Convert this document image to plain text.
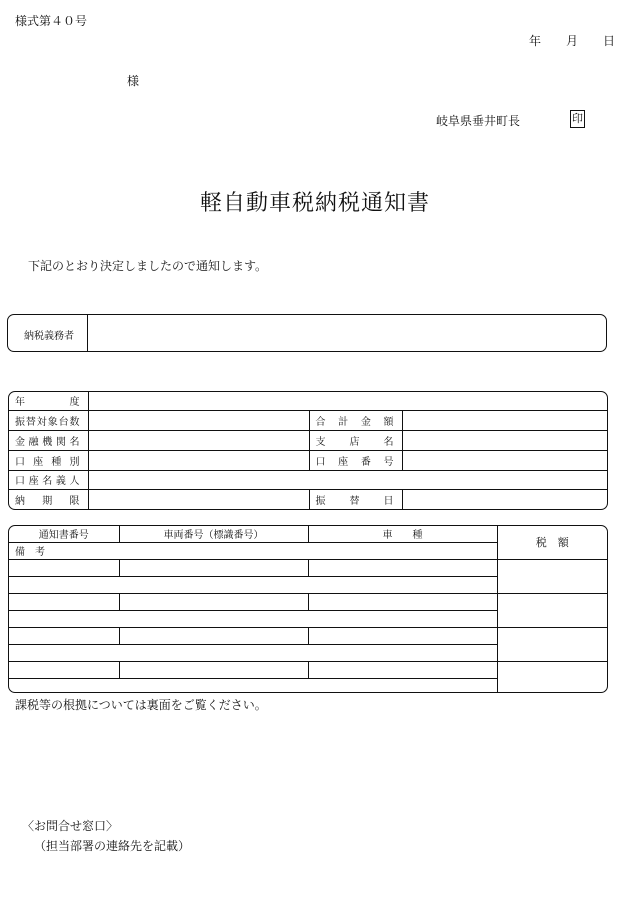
様式第４０号
年 月 日
様
岐阜県垂井町長	印
軽自動車税納税通知書
下記のとおり決定しましたので通知します。
納税義務者
年　　　度			
振替対象台数		合　計　金　額	
金融機関名		支　　店　　名	
口座種別		口　座　番　号	
口座名義人			
納　期　限		振　　替　　日	
通知書番号	車両番号（標識番号）	車　　種	税　額
備　考			

課税等の根拠については裏面をご覧ください。
〈お問合せ窓口〉
（担当部署の連絡先を記載）
